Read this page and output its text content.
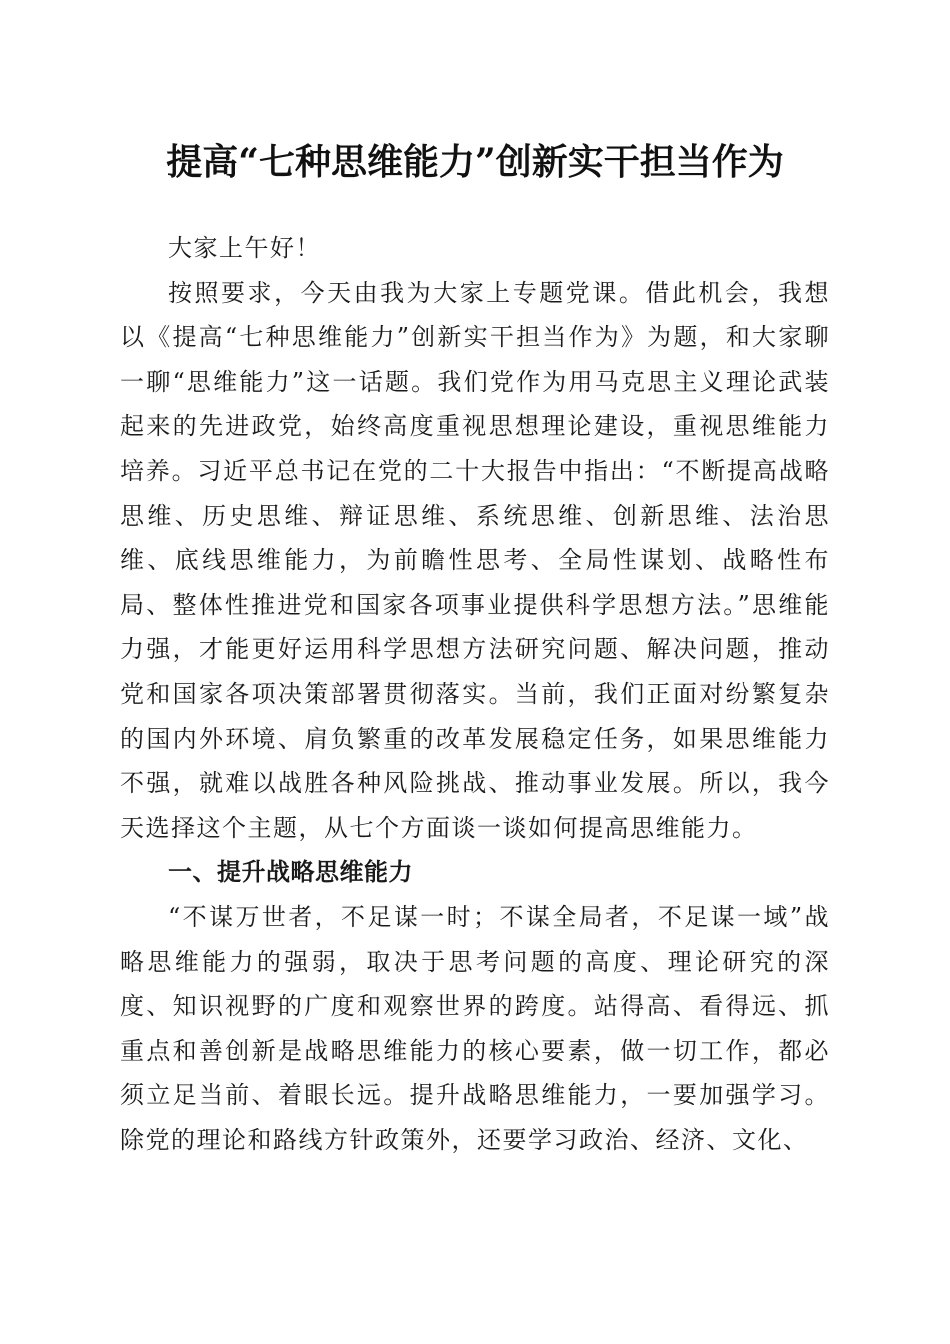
提高“七种思维能力”创新实干担当作为

大家上午好！

按照要求，今天由我为大家上专题党课。借此机会，我想以《提高“七种思维能力”创新实干担当作为》为题，和大家聊一聊“思维能力”这一话题。我们党作为用马克思主义理论武装起来的先进政党，始终高度重视思想理论建设，重视思维能力培养。习近平总书记在党的二十大报告中指出：“不断提高战略思维、历史思维、辩证思维、系统思维、创新思维、法治思维、底线思维能力，为前瞻性思考、全局性谋划、战略性布局、整体性推进党和国家各项事业提供科学思想方法。”思维能力强，才能更好运用科学思想方法研究问题、解决问题，推动党和国家各项决策部署贯彻落实。当前，我们正面对纷繁复杂的国内外环境、肩负繁重的改革发展稳定任务，如果思维能力不强，就难以战胜各种风险挑战、推动事业发展。所以，我今天选择这个主题，从七个方面谈一谈如何提高思维能力。

一、提升战略思维能力

“不谋万世者，不足谋一时；不谋全局者，不足谋一域”战略思维能力的强弱，取决于思考问题的高度、理论研究的深度、知识视野的广度和观察世界的跨度。站得高、看得远、抓重点和善创新是战略思维能力的核心要素，做一切工作，都必须立足当前、着眼长远。提升战略思维能力，一要加强学习。除党的理论和路线方针政策外，还要学习政治、经济、文化、
